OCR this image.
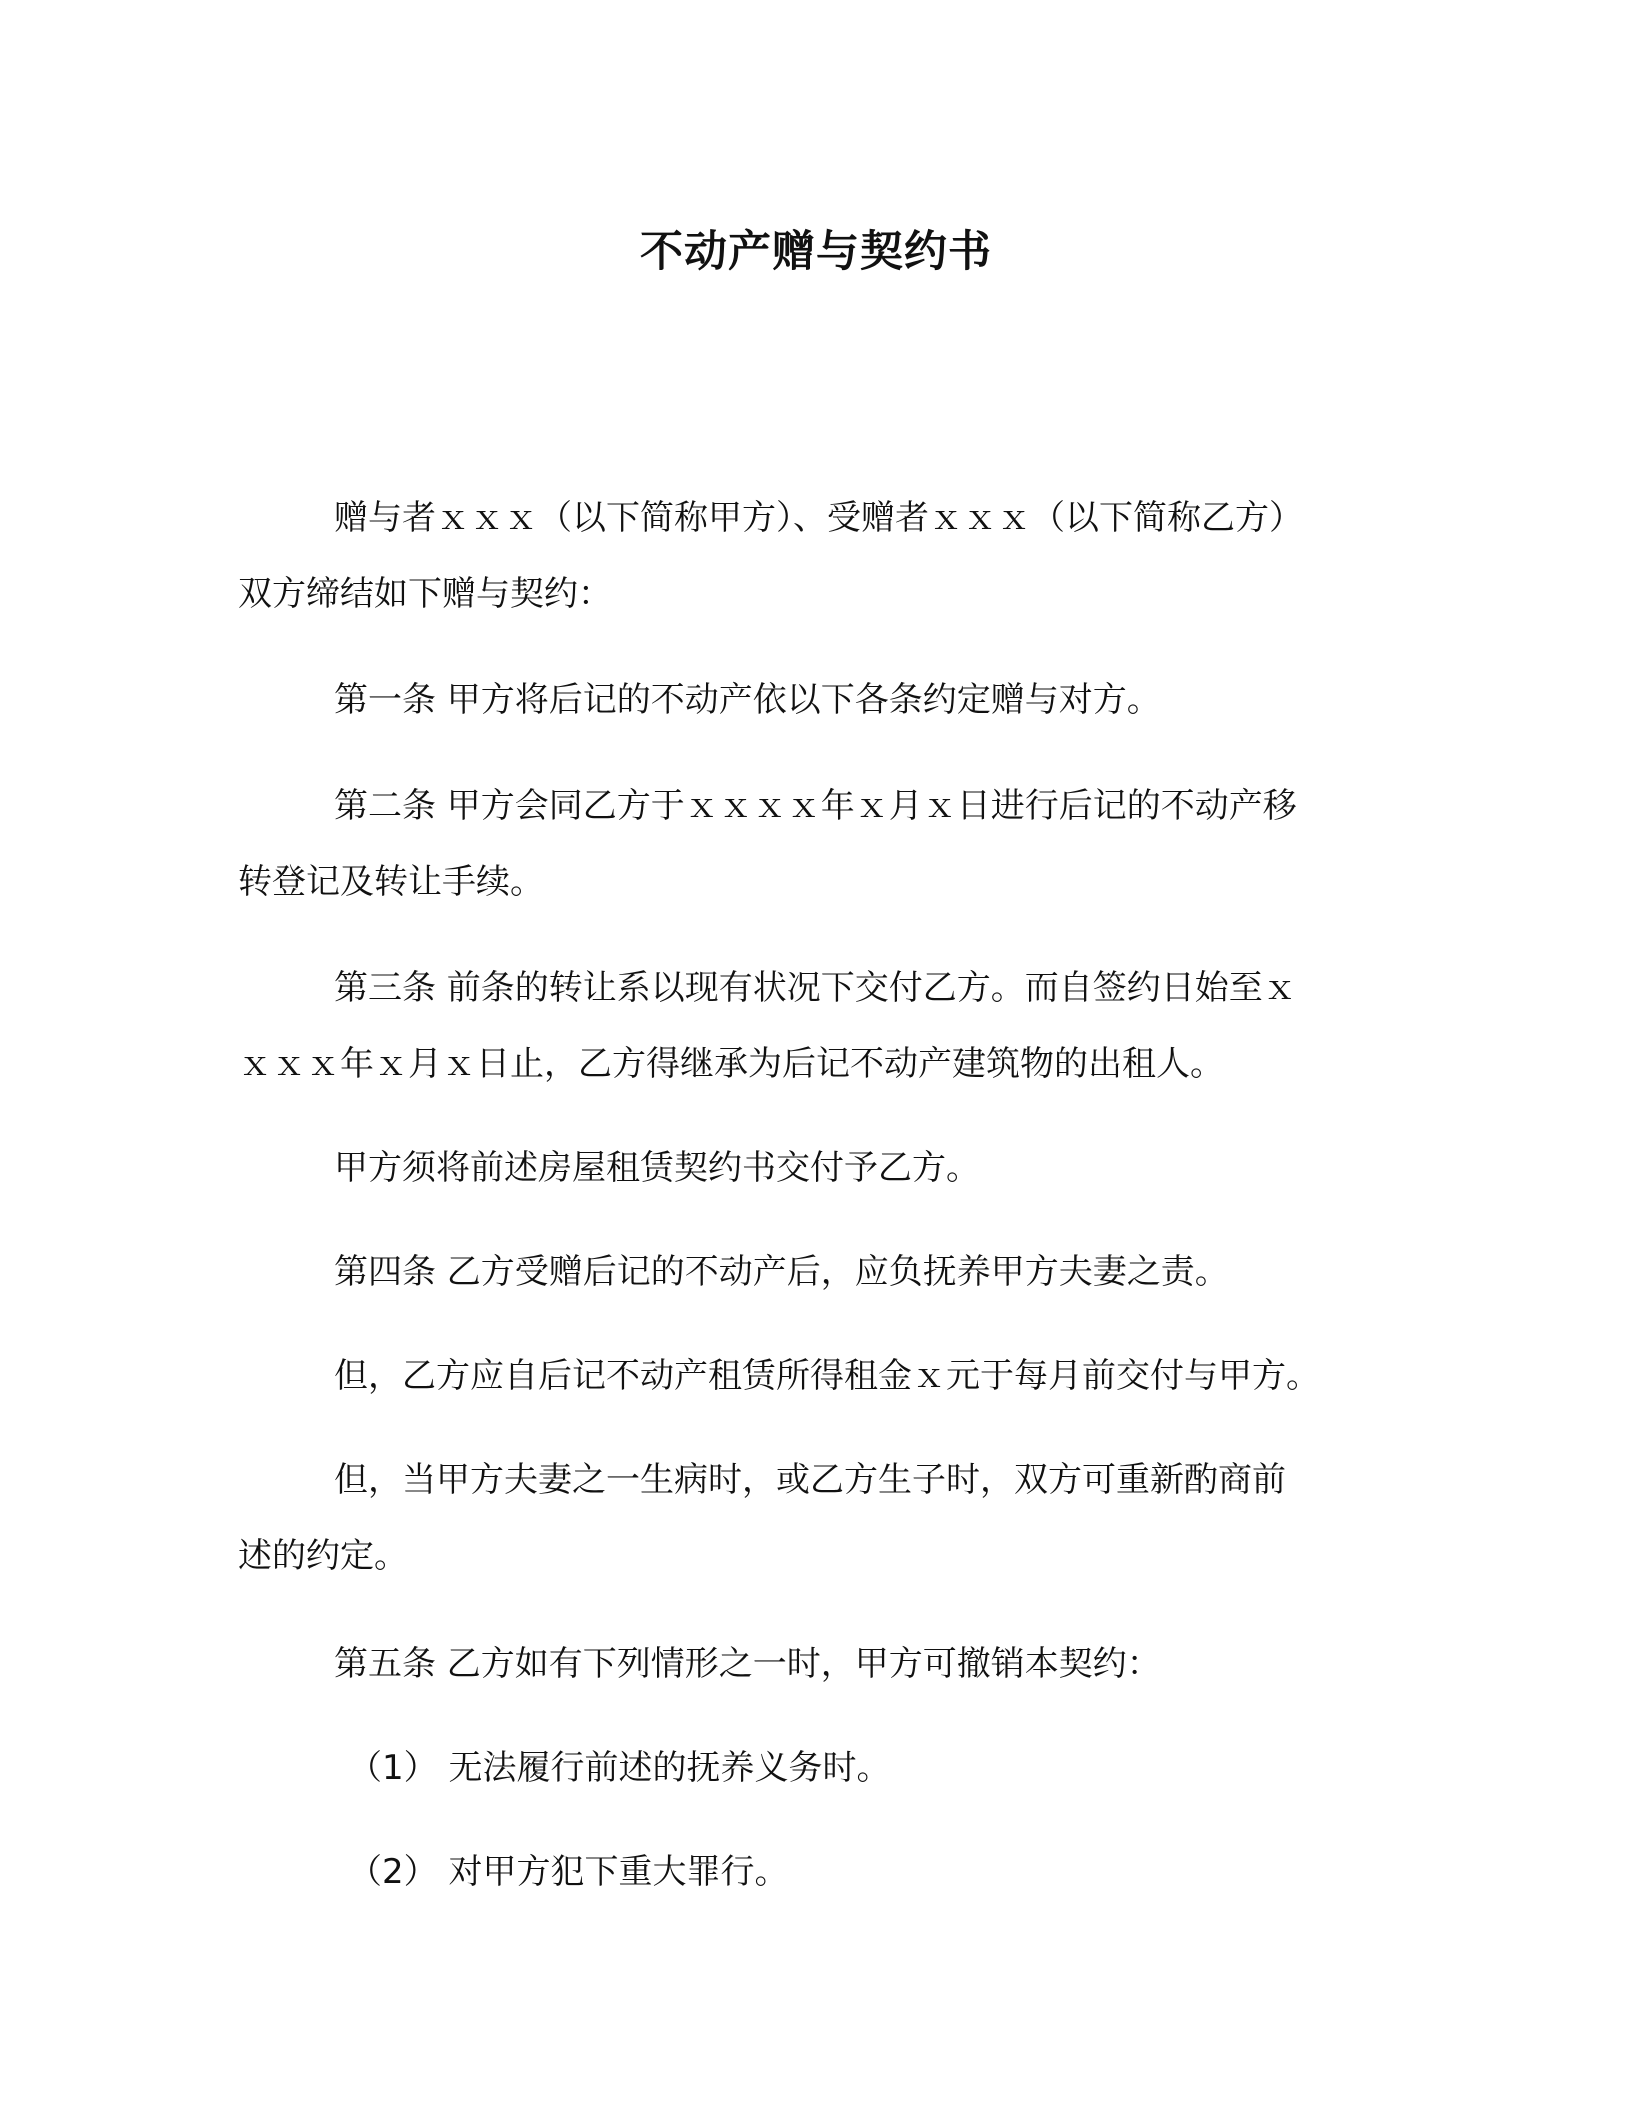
不动产赠与契约书
赠与者ｘｘｘ（以下简称甲方）、受赠者ｘｘｘ（以下简称乙方）
双方缔结如下赠与契约：
第一条 甲方将后记的不动产依以下各条约定赠与对方。
第二条 甲方会同乙方于ｘｘｘｘ年ｘ月ｘ日进行后记的不动产移
转登记及转让手续。
第三条 前条的转让系以现有状况下交付乙方。而自签约日始至ｘ
ｘｘｘ年ｘ月ｘ日止，乙方得继承为后记不动产建筑物的出租人。
甲方须将前述房屋租赁契约书交付予乙方。
第四条 乙方受赠后记的不动产后，应负抚养甲方夫妻之责。
但，乙方应自后记不动产租赁所得租金ｘ元于每月前交付与甲方。
但，当甲方夫妻之一生病时，或乙方生子时，双方可重新酌商前
述的约定。
第五条 乙方如有下列情形之一时，甲方可撤销本契约：
（1） 无法履行前述的抚养义务时。
（2） 对甲方犯下重大罪行。
